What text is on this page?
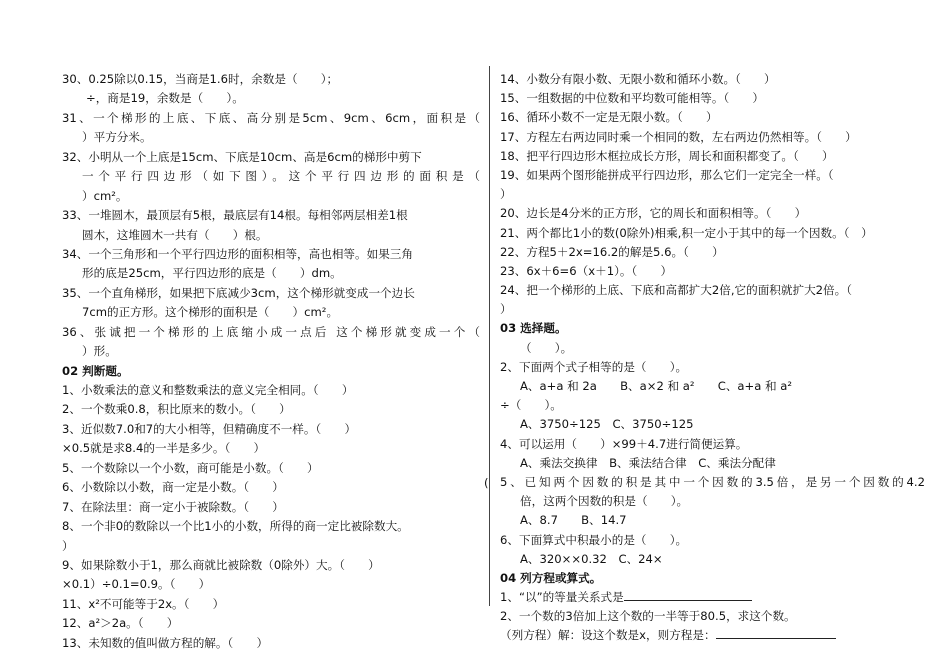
30、0.25除以0.15，当商是1.6时，余数是（　　）；
÷，商是19，余数是（　　）。
31、一个梯形的上底、下底、高分别是5cm、9cm、6cm，面积是（
）平方分米。
32、小明从一个上底是15cm、下底是10cm、高是6cm的梯形中剪下
一个平行四边形（如下图）。这个平行四边形的面积是（
）cm²。
33、一堆圆木，最顶层有5根，最底层有14根。每相邻两层相差1根
圆木，这堆圆木一共有（　　）根。
34、一个三角形和一个平行四边形的面积相等，高也相等。如果三角
形的底是25cm，平行四边形的底是（　　）dm。
35、一个直角梯形，如果把下底减少3cm，这个梯形就变成一个边长
7cm的正方形。这个梯形的面积是（　　）cm²。
36、张诚把一个梯形的上底缩小成一点后 这个梯形就变成一个（
）形。
02 判断题。
1、小数乘法的意义和整数乘法的意义完全相同。（　　）
2、一个数乘0.8，积比原来的数小。（　　）
3、近似数7.0和7的大小相等，但精确度不一样。（　　）
×0.5就是求8.4的一半是多少。（　　）
5、一个数除以一个小数，商可能是小数。（　　）
6、小数除以小数，商一定是小数。（　　）
7、在除法里：商一定小于被除数。（　　）
8、一个非0的数除以一个比1小的小数，所得的商一定比被除数大。
）
9、如果除数小于1，那么商就比被除数（0除外）大。（　　）
×0.1）÷0.1=0.9。（　　）
11、x²不可能等于2x。（　　）
12、a²＞2a。（　　）
13、未知数的值叫做方程的解。（　　）
(
14、小数分有限小数、无限小数和循环小数。（　　）
15、一组数据的中位数和平均数可能相等。（　　）
16、循环小数不一定是无限小数。（　　）
17、方程左右两边同时乘一个相同的数，左右两边仍然相等。（　　）
18、把平行四边形木框拉成长方形，周长和面积都变了。（　　）
19、如果两个图形能拼成平行四边形，那么它们一定完全一样。（
）
20、边长是4分米的正方形，它的周长和面积相等。（　　）
21、两个都比1小的数(0除外)相乘,积一定小于其中的每一个因数。（　）
22、方程5＋2x=16.2的解是5.6。（　　）
23、6x＋6=6（x＋1）。（　　）
24、把一个梯形的上底、下底和高都扩大2倍,它的面积就扩大2倍。（
）
03 选择题。
（　　）。
2、下面两个式子相等的是（　　）。
A、a+a 和 2a　　B、a×2 和 a²　　C、a+a 和 a²
÷（　　）。
A、3750÷125　C、3750÷125
4、可以运用（　　）×99＋4.7进行简便运算。
A、乘法交换律　B、乘法结合律　C、乘法分配律
5、已知两个因数的积是其中一个因数的3.5倍，是另一个因数的4.2
倍，这两个因数的积是（　　）。
A、8.7　　B、14.7
6、下面算式中积最小的是（　　）。
A、320××0.32　C、24×
04 列方程或算式。
1、“以”的等量关系式是
2、一个数的3倍加上这个数的一半等于80.5，求这个数。
（列方程）解：设这个数是x，则方程是：
